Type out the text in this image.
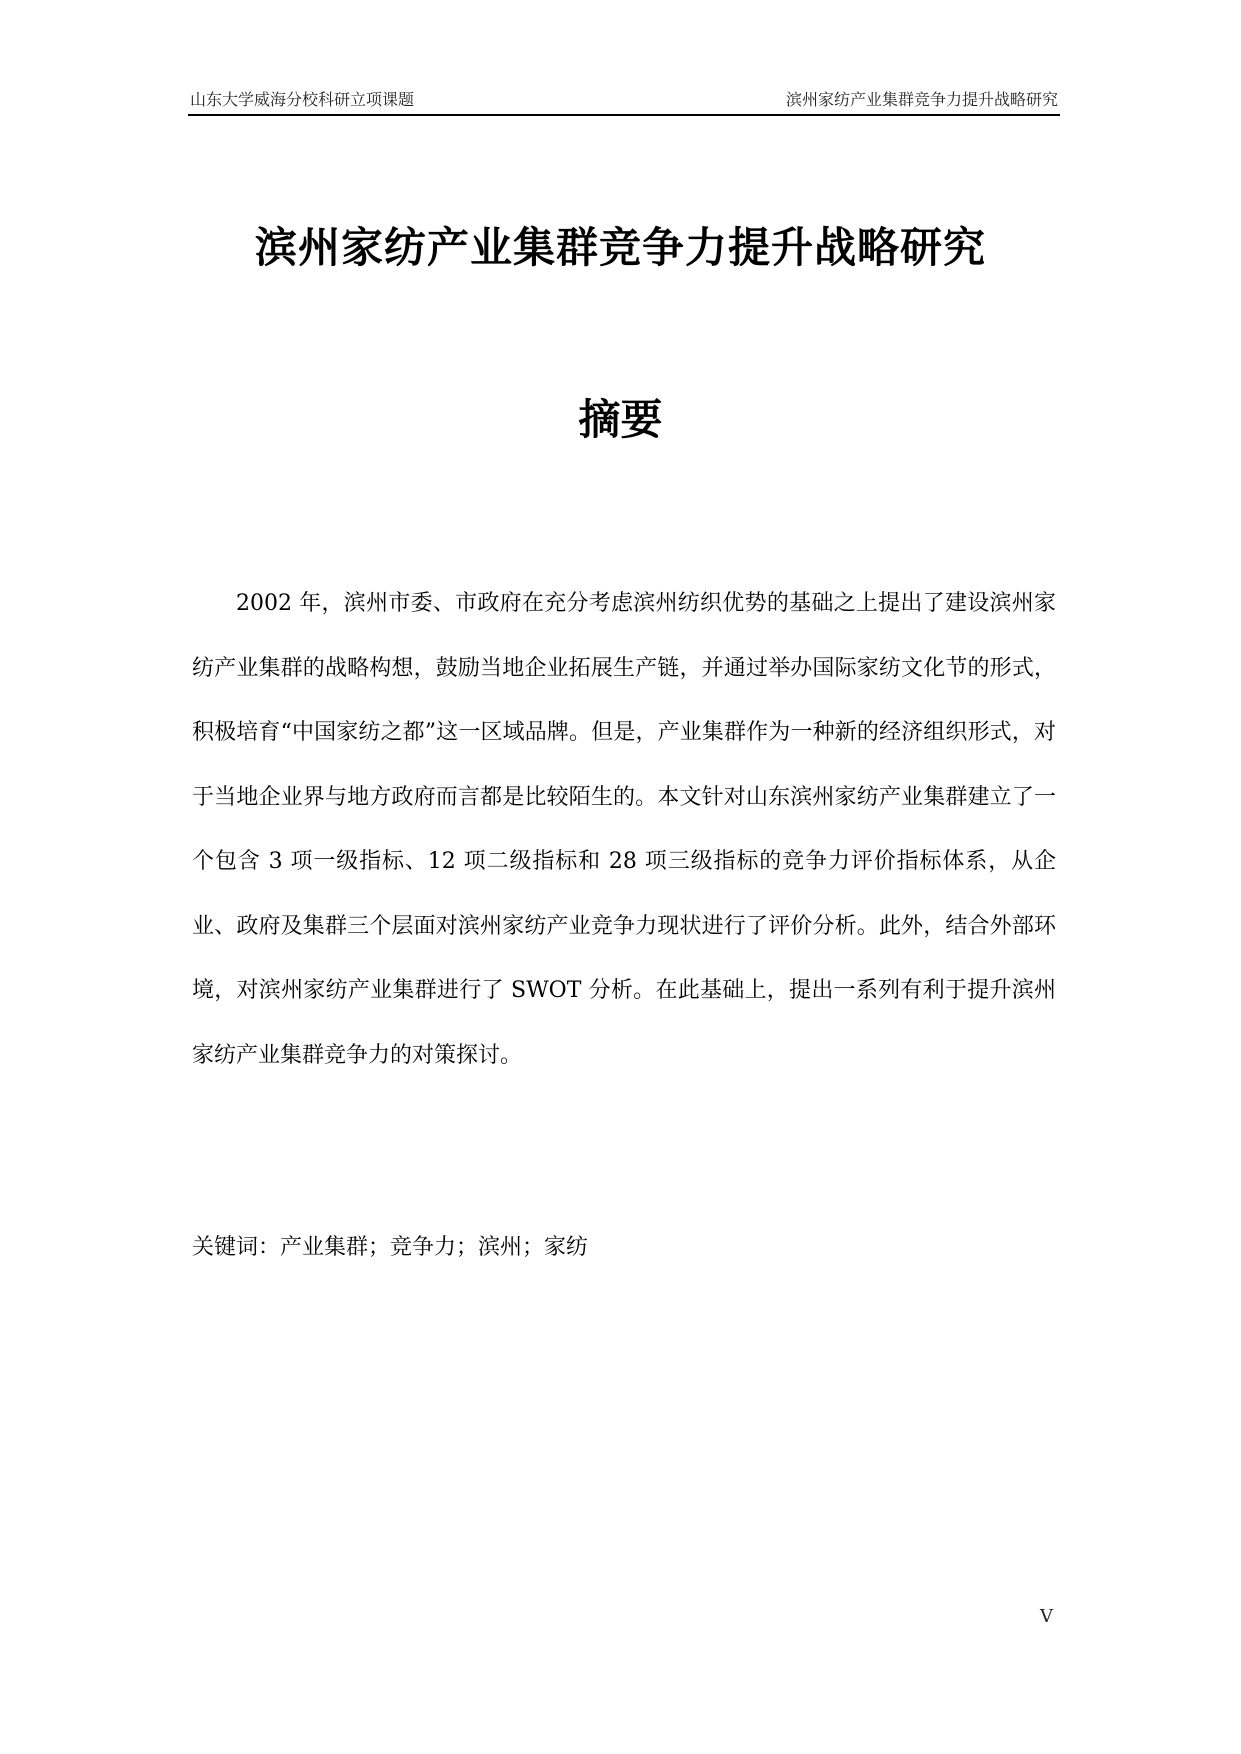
山东大学威海分校科研立项课题	滨州家纺产业集群竞争力提升战略研究
滨州家纺产业集群竞争力提升战略研究
摘要

2002 年，滨州市委、市政府在充分考虑滨州纺织优势的基础之上提出了建设滨州家纺产业集群的战略构想，鼓励当地企业拓展生产链，并通过举办国际家纺文化节的形式，积极培育“中国家纺之都”这一区域品牌。但是，产业集群作为一种新的经济组织形式，对于当地企业界与地方政府而言都是比较陌生的。本文针对山东滨州家纺产业集群建立了一个包含 3 项一级指标、12 项二级指标和 28 项三级指标的竞争力评价指标体系，从企业、政府及集群三个层面对滨州家纺产业竞争力现状进行了评价分析。此外，结合外部环境，对滨州家纺产业集群进行了 SWOT 分析。在此基础上，提出一系列有利于提升滨州家纺产业集群竞争力的对策探讨。

关键词：产业集群；竞争力；滨州；家纺
V
